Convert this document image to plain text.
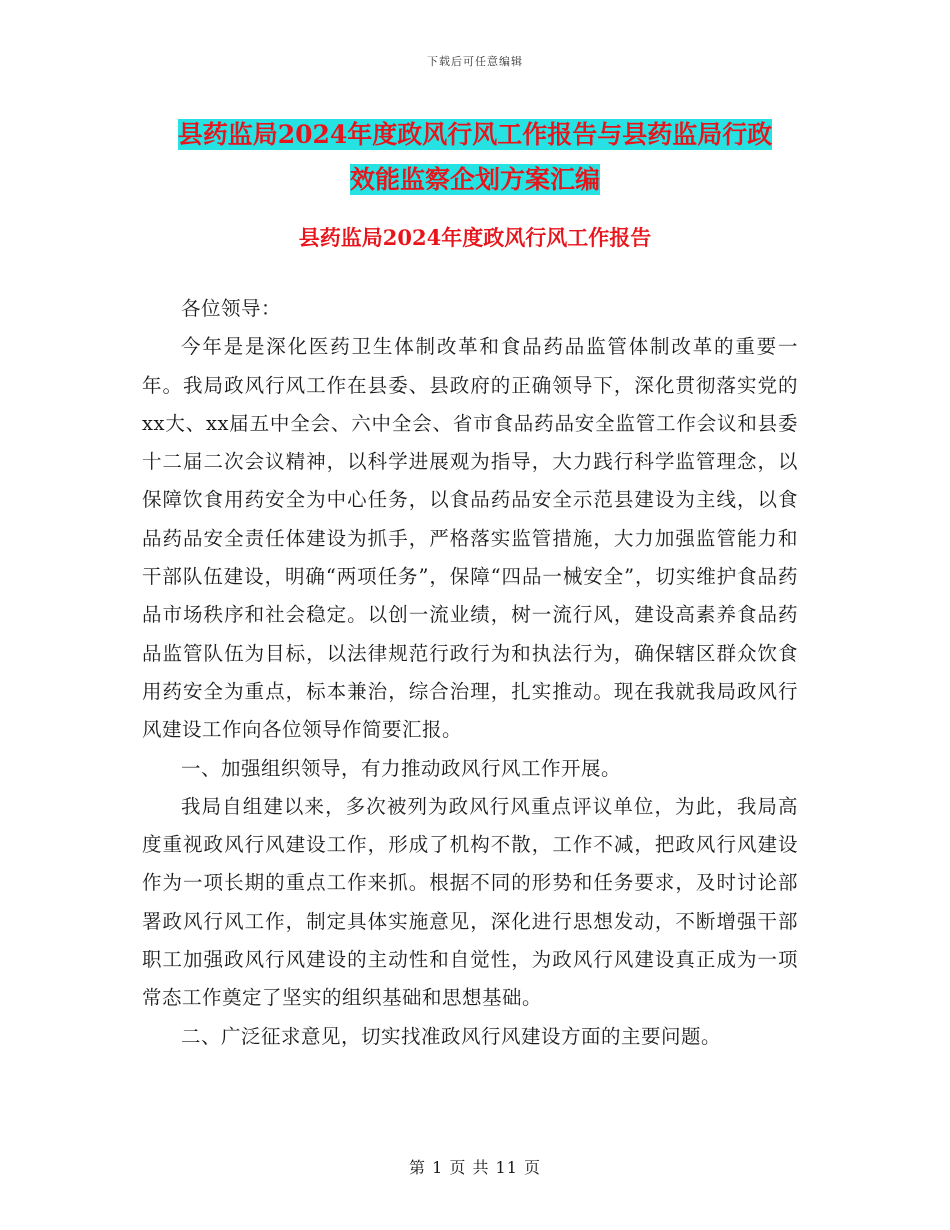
下载后可任意编辑
县药监局2024年度政风行风工作报告与县药监局行政
效能监察企划方案汇编
县药监局2024年度政风行风工作报告

各位领导：

今年是是深化医药卫生体制改革和食品药品监管体制改革的重要一年。我局政风行风工作在县委、县政府的正确领导下，深化贯彻落实党的xx大、xx届五中全会、六中全会、省市食品药品安全监管工作会议和县委十二届二次会议精神，以科学进展观为指导，大力践行科学监管理念，以保障饮食用药安全为中心任务，以食品药品安全示范县建设为主线，以食品药品安全责任体建设为抓手，严格落实监管措施，大力加强监管能力和干部队伍建设，明确“两项任务”，保障“四品一械安全”，切实维护食品药品市场秩序和社会稳定。以创一流业绩，树一流行风，建设高素养食品药品监管队伍为目标，以法律规范行政行为和执法行为，确保辖区群众饮食用药安全为重点，标本兼治，综合治理，扎实推动。现在我就我局政风行风建设工作向各位领导作简要汇报。

一、加强组织领导，有力推动政风行风工作开展。

我局自组建以来，多次被列为政风行风重点评议单位，为此，我局高度重视政风行风建设工作，形成了机构不散，工作不减，把政风行风建设作为一项长期的重点工作来抓。根据不同的形势和任务要求，及时讨论部署政风行风工作，制定具体实施意见，深化进行思想发动，不断增强干部职工加强政风行风建设的主动性和自觉性，为政风行风建设真正成为一项常态工作奠定了坚实的组织基础和思想基础。

二、广泛征求意见，切实找准政风行风建设方面的主要问题。

第 1 页 共 11 页
